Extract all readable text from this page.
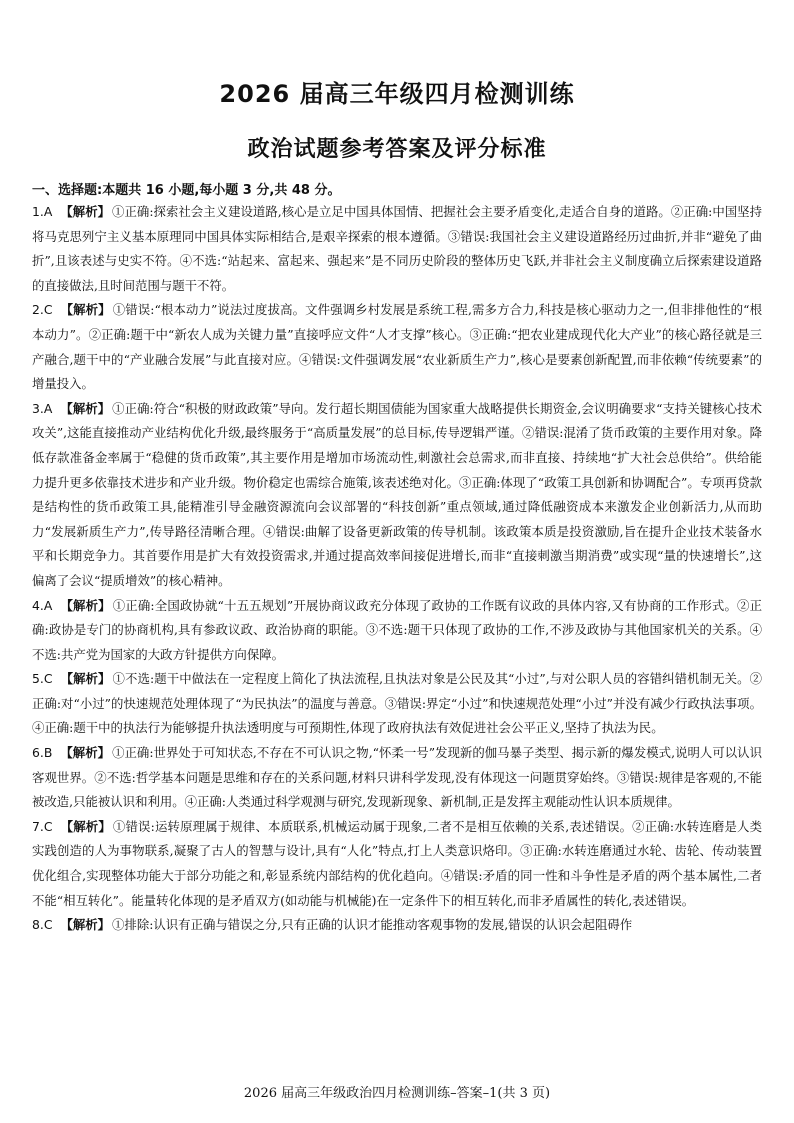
2026 届高三年级四月检测训练
政治试题参考答案及评分标准
一、选择题:本题共 16 小题,每小题 3 分,共 48 分。

1.A 【解析】 ①正确:探索社会主义建设道路,核心是立足中国具体国情、把握社会主要矛盾变化,走适合自身的道路。②正确:中国坚持将马克思列宁主义基本原理同中国具体实际相结合,是艰辛探索的根本遵循。③错误:我国社会主义建设道路经历过曲折,并非“避免了曲折”,且该表述与史实不符。④不选:“站起来、富起来、强起来”是不同历史阶段的整体历史飞跃,并非社会主义制度确立后探索建设道路的直接做法,且时间范围与题干不符。

2.C 【解析】 ①错误:“根本动力”说法过度拔高。文件强调乡村发展是系统工程,需多方合力,科技是核心驱动力之一,但非排他性的“根本动力”。②正确:题干中“新农人成为关键力量”直接呼应文件“人才支撑”核心。③正确:“把农业建成现代化大产业”的核心路径就是三产融合,题干中的“产业融合发展”与此直接对应。④错误:文件强调发展“农业新质生产力”,核心是要素创新配置,而非依赖“传统要素”的增量投入。

3.A 【解析】 ①正确:符合“积极的财政政策”导向。发行超长期国债能为国家重大战略提供长期资金,会议明确要求“支持关键核心技术攻关”,这能直接推动产业结构优化升级,最终服务于“高质量发展”的总目标,传导逻辑严谨。②错误:混淆了货币政策的主要作用对象。降低存款准备金率属于“稳健的货币政策”,其主要作用是增加市场流动性,刺激社会总需求,而非直接、持续地“扩大社会总供给”。供给能力提升更多依靠技术进步和产业升级。物价稳定也需综合施策,该表述绝对化。③正确:体现了“政策工具创新和协调配合”。专项再贷款是结构性的货币政策工具,能精准引导金融资源流向会议部署的“科技创新”重点领域,通过降低融资成本来激发企业创新活力,从而助力“发展新质生产力”,传导路径清晰合理。④错误:曲解了设备更新政策的传导机制。该政策本质是投资激励,旨在提升企业技术装备水平和长期竞争力。其首要作用是扩大有效投资需求,并通过提高效率间接促进增长,而非“直接刺激当期消费”或实现“量的快速增长”,这偏离了会议“提质增效”的核心精神。

4.A 【解析】 ①正确:全国政协就“十五五规划”开展协商议政充分体现了政协的工作既有议政的具体内容,又有协商的工作形式。②正确:政协是专门的协商机构,具有参政议政、政治协商的职能。③不选:题干只体现了政协的工作,不涉及政协与其他国家机关的关系。④不选:共产党为国家的大政方针提供方向保障。

5.C 【解析】 ①不选:题干中做法在一定程度上简化了执法流程,且执法对象是公民及其“小过”,与对公职人员的容错纠错机制无关。②正确:对“小过”的快速规范处理体现了“为民执法”的温度与善意。③错误:界定“小过”和快速规范处理“小过”并没有减少行政执法事项。④正确:题干中的执法行为能够提升执法透明度与可预期性,体现了政府执法有效促进社会公平正义,坚持了执法为民。

6.B 【解析】 ①正确:世界处于可知状态,不存在不可认识之物,“怀柔一号”发现新的伽马暴子类型、揭示新的爆发模式,说明人可以认识客观世界。②不选:哲学基本问题是思维和存在的关系问题,材料只讲科学发现,没有体现这一问题贯穿始终。③错误:规律是客观的,不能被改造,只能被认识和利用。④正确:人类通过科学观测与研究,发现新现象、新机制,正是发挥主观能动性认识本质规律。

7.C 【解析】 ①错误:运转原理属于规律、本质联系,机械运动属于现象,二者不是相互依赖的关系,表述错误。②正确:水转连磨是人类实践创造的人为事物联系,凝聚了古人的智慧与设计,具有“人化”特点,打上人类意识烙印。③正确:水转连磨通过水轮、齿轮、传动装置优化组合,实现整体功能大于部分功能之和,彰显系统内部结构的优化趋向。④错误:矛盾的同一性和斗争性是矛盾的两个基本属性,二者不能“相互转化”。能量转化体现的是矛盾双方(如动能与机械能)在一定条件下的相互转化,而非矛盾属性的转化,表述错误。

8.C 【解析】 ①排除:认识有正确与错误之分,只有正确的认识才能推动客观事物的发展,错误的认识会起阻碍作

2026 届高三年级政治四月检测训练–答案–1(共 3 页)
